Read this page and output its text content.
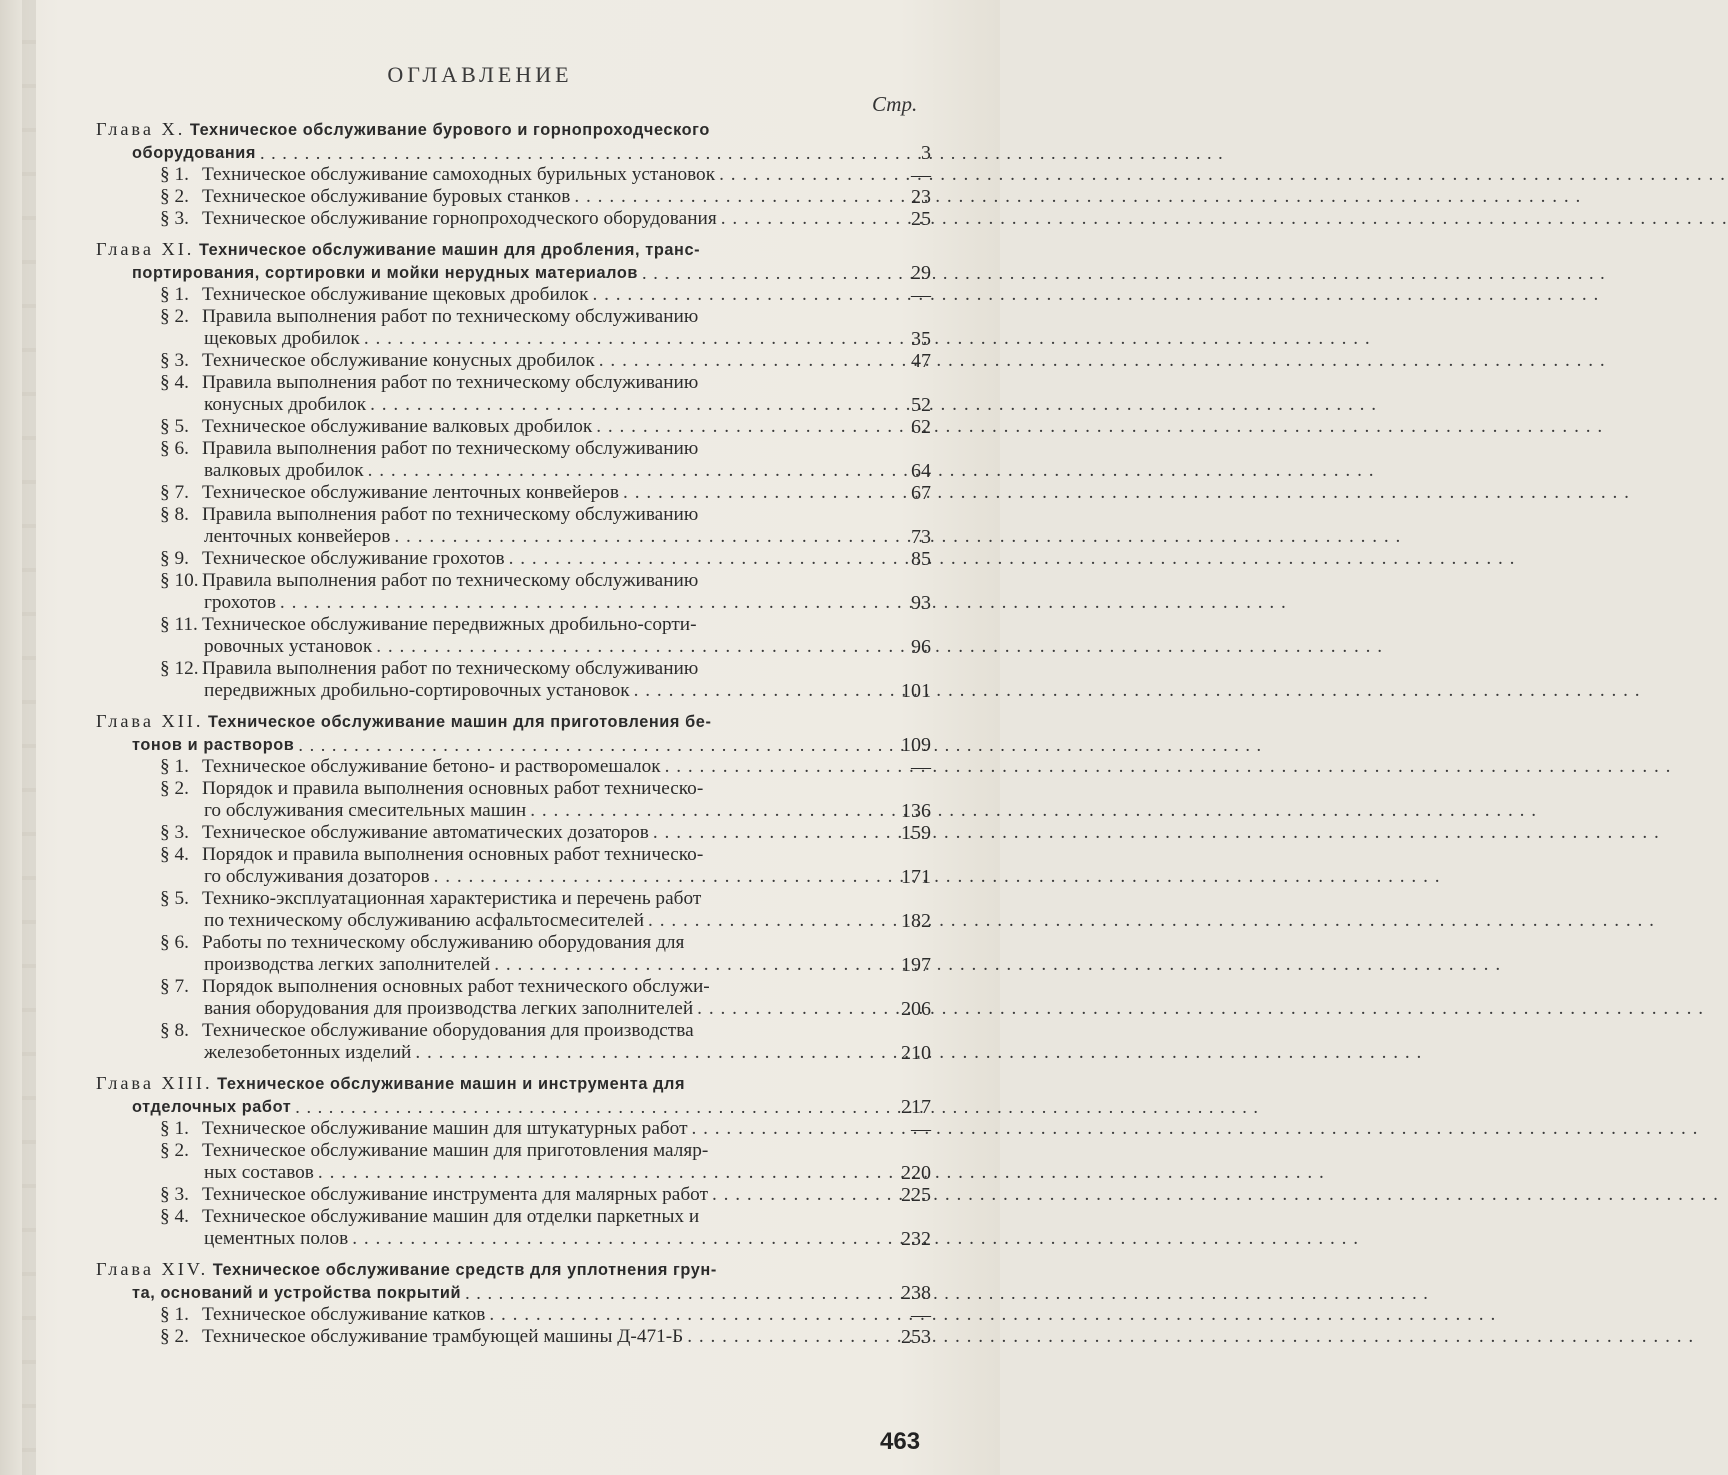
ОГЛАВЛЕНИЕ
Стр.
Глава X. Техническое обслуживание бурового и горнопроходческого
оборудования . . .	3
§ 1. Техническое обслуживание самоходных бурильных установок . . .	—
§ 2. Техническое обслуживание буровых станков . . .	23
§ 3. Техническое обслуживание горнопроходческого оборудования . . .	25
Глава XI. Техническое обслуживание машин для дробления, транс-
портирования, сортировки и мойки нерудных материалов . . .	29
§ 1. Техническое обслуживание щековых дробилок . . .	—
§ 2. Правила выполнения работ по техническому обслуживанию
щековых дробилок . . .	35
§ 3. Техническое обслуживание конусных дробилок . . .	47
§ 4. Правила выполнения работ по техническому обслуживанию
конусных дробилок . . .	52
§ 5. Техническое обслуживание валковых дробилок . . .	62
§ 6. Правила выполнения работ по техническому обслуживанию
валковых дробилок . . .	64
§ 7. Техническое обслуживание ленточных конвейеров . . .	67
§ 8. Правила выполнения работ по техническому обслуживанию
ленточных конвейеров . . .	73
§ 9. Техническое обслуживание грохотов . . .	85
§ 10. Правила выполнения работ по техническому обслуживанию
грохотов . . .	93
§ 11. Техническое обслуживание передвижных дробильно-сорти-
ровочных установок . . .	96
§ 12. Правила выполнения работ по техническому обслуживанию
передвижных дробильно-сортировочных установок . . .	101
Глава XII. Техническое обслуживание машин для приготовления бе-
тонов и растворов . . .	109
§ 1. Техническое обслуживание бетоно- и растворомешалок . . .	—
§ 2. Порядок и правила выполнения основных работ техническо-
го обслуживания смесительных машин . . .	136
§ 3. Техническое обслуживание автоматических дозаторов . . .	159
§ 4. Порядок и правила выполнения основных работ техническо-
го обслуживания дозаторов . . .	171
§ 5. Технико-эксплуатационная характеристика и перечень работ
по техническому обслуживанию асфальтосмесителей . . .	182
§ 6. Работы по техническому обслуживанию оборудования для
производства легких заполнителей . . .	197
§ 7. Порядок выполнения основных работ технического обслужи-
вания оборудования для производства легких заполнителей . . .	206
§ 8. Техническое обслуживание оборудования для производства
железобетонных изделий . . .	210
Глава XIII. Техническое обслуживание машин и инструмента для
отделочных работ . . .	217
§ 1. Техническое обслуживание машин для штукатурных работ . . .	—
§ 2. Техническое обслуживание машин для приготовления маляр-
ных составов . . .	220
§ 3. Техническое обслуживание инструмента для малярных работ . . .	225
§ 4. Техническое обслуживание машин для отделки паркетных и
цементных полов . . .	232
Глава XIV. Техническое обслуживание средств для уплотнения грун-
та, оснований и устройства покрытий . . .	238
§ 1. Техническое обслуживание катков . . .	—
§ 2. Техническое обслуживание трамбующей машины Д-471-Б . . .	253
463
